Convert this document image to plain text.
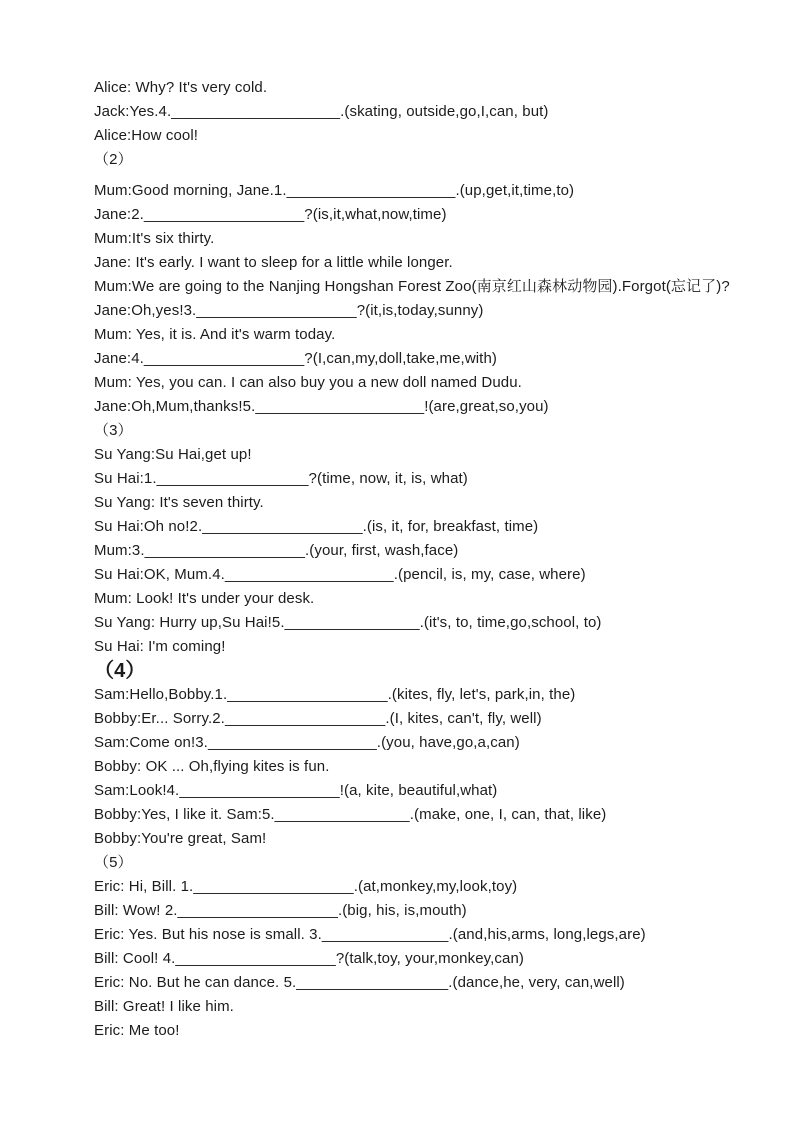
Alice: Why? It's very cold.
Jack:Yes.4.____________________.(skating, outside,go,I,can, but)
Alice:How cool!
（2）
Mum:Good morning, Jane.1.____________________.(up,get,it,time,to)
Jane:2.___________________?(is,it,what,now,time)
Mum:It's six thirty.
Jane: It's early. I want to sleep for a little while longer.
Mum:We are going to the Nanjing Hongshan Forest Zoo(南京红山森林动物园).Forgot(忘记了)?
Jane:Oh,yes!3.___________________?(it,is,today,sunny)
Mum: Yes, it is. And it's warm today.
Jane:4.___________________?(I,can,my,doll,take,me,with)
Mum: Yes, you can. I can also buy you a new doll named Dudu.
Jane:Oh,Mum,thanks!5.____________________!(are,great,so,you)
（3）
Su Yang:Su Hai,get up!
Su Hai:1.__________________?(time, now, it, is, what)
Su Yang: It's seven thirty.
Su Hai:Oh no!2.___________________.(is, it, for, breakfast, time)
Mum:3.___________________.(your, first, wash,face)
Su Hai:OK, Mum.4.____________________.(pencil, is, my, case, where)
Mum: Look! It's under your desk.
Su Yang: Hurry up,Su Hai!5.________________.(it's, to, time,go,school, to)
Su Hai: I'm coming!
（4）
Sam:Hello,Bobby.1.___________________.(kites, fly, let's, park,in, the)
Bobby:Er... Sorry.2.___________________.(I, kites, can't, fly, well)
Sam:Come on!3.____________________.(you, have,go,a,can)
Bobby: OK ... Oh,flying kites is fun.
Sam:Look!4.___________________!(a, kite, beautiful,what)
Bobby:Yes, I like it. Sam:5.________________.(make, one, I, can, that, like)
Bobby:You're great, Sam!
（5）
Eric: Hi, Bill. 1.___________________.(at,monkey,my,look,toy)
Bill: Wow! 2.___________________.(big, his, is,mouth)
Eric: Yes. But his nose is small. 3._______________.(and,his,arms, long,legs,are)
Bill: Cool! 4.___________________?(talk,toy, your,monkey,can)
Eric: No. But he can dance. 5.__________________.(dance,he, very, can,well)
Bill: Great! I like him.
Eric: Me too!
